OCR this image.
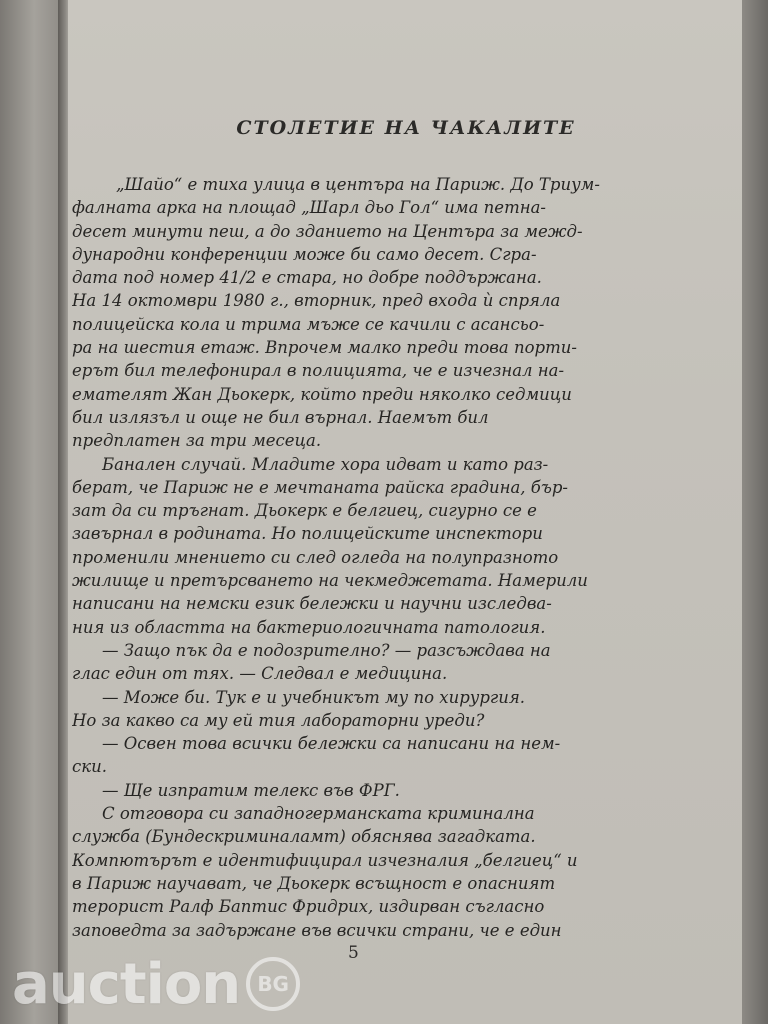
СТОЛЕТИЕ НА ЧАКАЛИТЕ
„Шайо“ е тиха улица в центъра на Париж. До Триум-
фалната арка на площад „Шарл дьо Гол“ има петна-
десет минути пеш, а до зданието на Центъра за межд-
дународни конференции може би само десет. Сгра-
дата под номер 41/2 е стара, но добре поддържана.
На 14 октомври 1980 г., вторник, пред входа ѝ спряла
полицейска кола и трима мъже се качили с асансьо-
ра на шестия етаж. Впрочем малко преди това порти-
ерът бил телефонирал в полицията, че е изчезнал на-
емателят Жан Дьокерк, който преди няколко седмици
бил излязъл и още не бил върнал. Наемът бил
предплатен за три месеца.
Банален случай. Младите хора идват и като раз-
берат, че Париж не е мечтаната райска градина, бър-
зат да си тръгнат. Дьокерк е белгиец, сигурно се е
завърнал в родината. Но полицейските инспектори
променили мнението си след огледа на полупразното
жилище и претърсването на чекмеджетата. Намерили
написани на немски език бележки и научни изследва-
ния из областта на бактериологичната патология.
— Защо пък да е подозрително? — разсъждава на
глас един от тях. — Следвал е медицина.
— Може би. Тук е и учебникът му по хирургия.
Но за какво са му ей тия лабораторни уреди?
— Освен това всички бележки са написани на нем-
ски.
— Ще изпратим телекс във ФРГ.
С отговора си западногерманската криминална
служба (Бундескриминаламт) обяснява загадката.
Компютърът е идентифицирал изчезналия „белгиец“ и
в Париж научават, че Дьокерк всъщност е опасният
терорист Ралф Баптис Фридрих, издирван съгласно
заповедта за задържане във всички страни, че е един
5
auction BG
